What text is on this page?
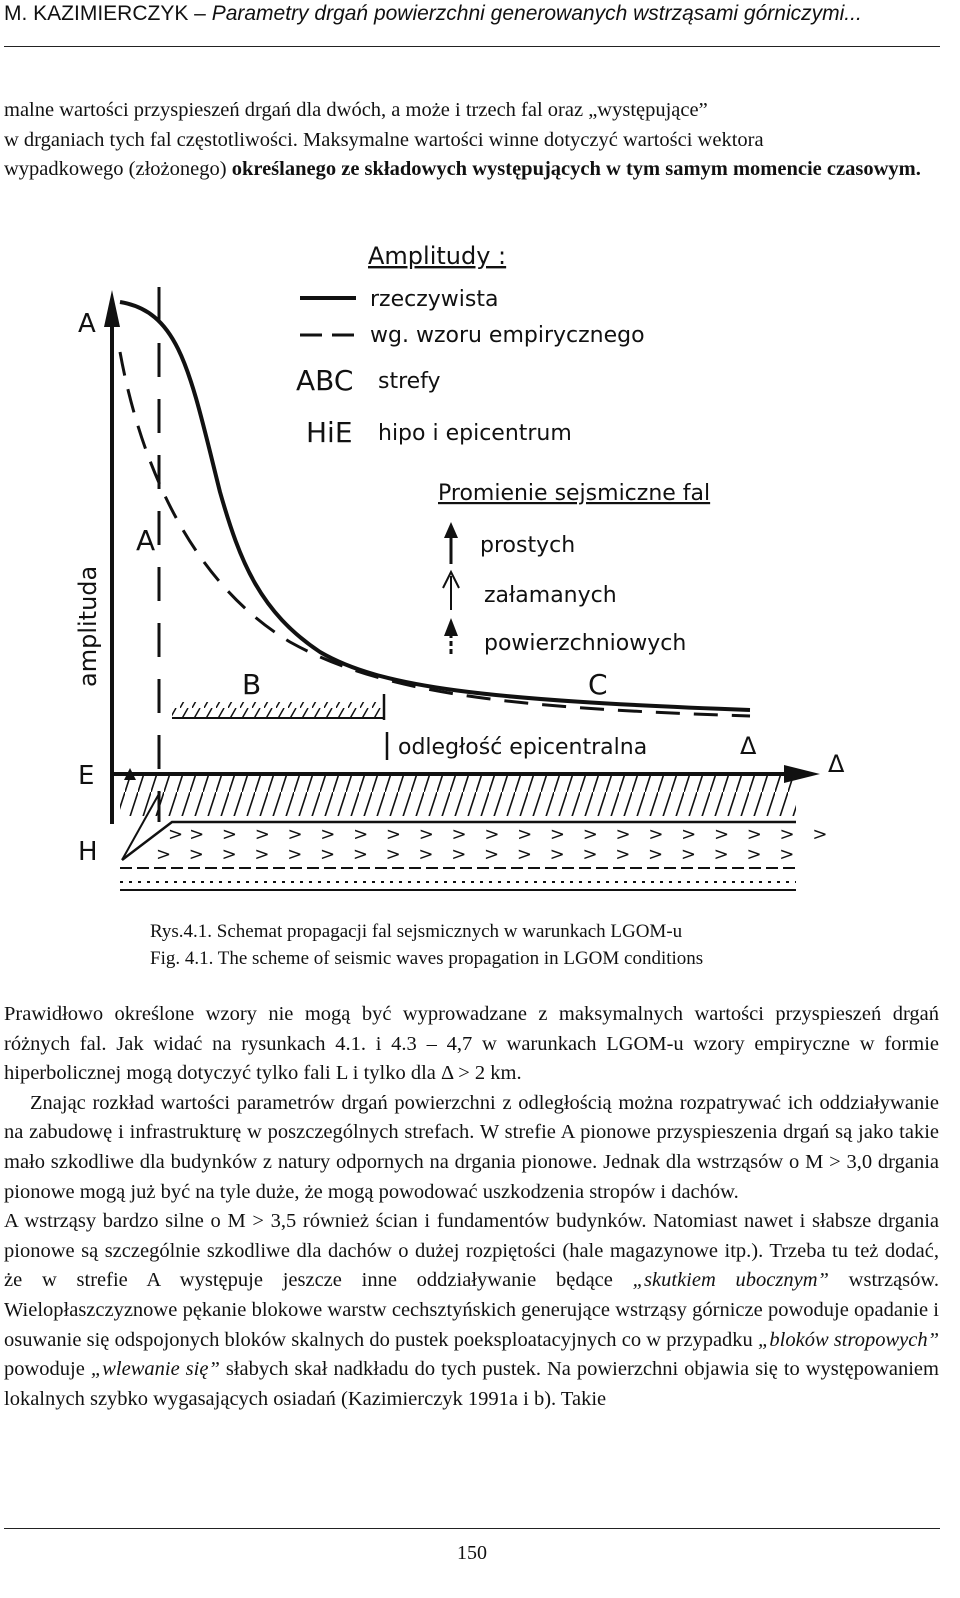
M. KAZIMIERCZYK – Parametry drgań powierzchni generowanych wstrząsami górniczymi...

malne wartości przyspieszeń drgań dla dwóch, a może i trzech fal oraz „występujące”

w drganiach tych fal częstotliwości. Maksymalne wartości winne dotyczyć wartości wektora

wypadkowego (złożonego) określanego ze składowych występujących w tym samym momencie czasowym.

A
amplituda
Amplitudy :
rzeczywista
wg. wzoru empirycznego
ABC strefy
HiE hipo i epicentrum
Promienie sejsmiczne fal
prostych
załamanych
powierzchniowych
A
B	C
odległość epicentralna	Δ
E	Δ
H
>> > > > > > > > > > > > > > > > > > > >
> > > > > > > > > > > > > > > > > > > >
Rys.4.1. Schemat propagacji fal sejsmicznych w warunkach LGOM-u
Fig. 4.1. The scheme of seismic waves propagation in LGOM conditions

Prawidłowo określone wzory nie mogą być wyprowadzane z maksymalnych wartości przyspieszeń drgań różnych fal. Jak widać na rysunkach 4.1. i 4.3 – 4,7 w warunkach LGOM-u wzory empiryczne w formie hiperbolicznej mogą dotyczyć tylko fali L i tylko dla Δ > 2 km.

Znając rozkład wartości parametrów drgań powierzchni z odległością można rozpatrywać ich oddziaływanie na zabudowę i infrastrukturę w poszczególnych strefach. W strefie A pionowe przyspieszenia drgań są jako takie mało szkodliwe dla budynków z natury odpornych na drgania pionowe. Jednak dla wstrząsów o M > 3,0 drgania pionowe mogą już być na tyle duże, że mogą powodować uszkodzenia stropów i dachów.

A wstrząsy bardzo silne o M > 3,5 również ścian i fundamentów budynków. Natomiast nawet i słabsze drgania pionowe są szczególnie szkodliwe dla dachów o dużej rozpiętości (hale magazynowe itp.). Trzeba tu też dodać, że w strefie A występuje jeszcze inne oddziaływanie będące „skutkiem ubocznym” wstrząsów. Wielopłaszczyznowe pękanie blokowe warstw cechsztyńskich generujące wstrząsy górnicze powoduje opadanie i osuwanie się odspojonych bloków skalnych do pustek poeksploatacyjnych co w przypadku „bloków stropowych” powoduje „wlewanie się” słabych skał nadkładu do tych pustek. Na powierzchni objawia się to występowaniem lokalnych szybko wygasających osiadań (Kazimierczyk 1991a i b). Takie

150
